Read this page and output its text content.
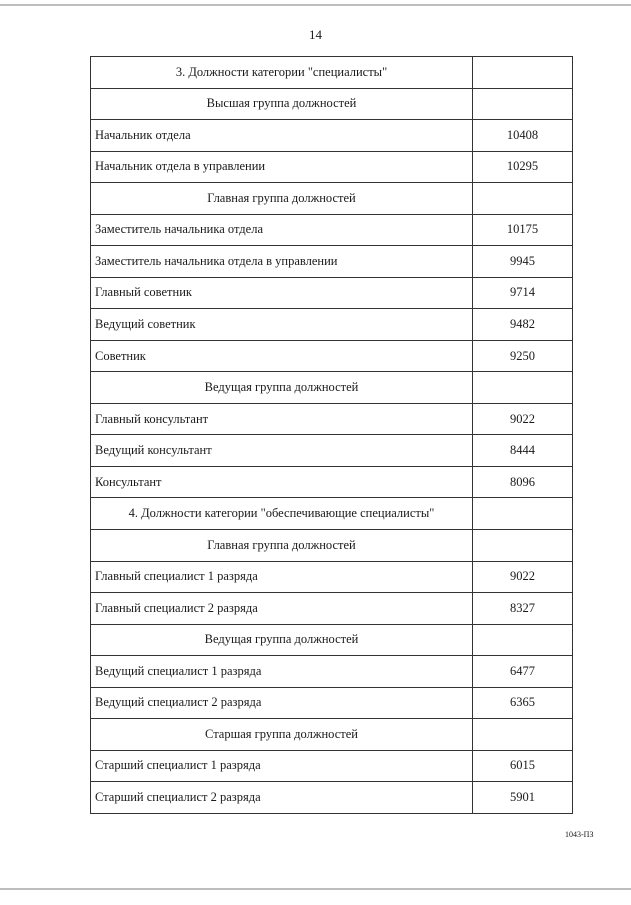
14
3. Должности категории "специалисты"	
Высшая группа должностей	
Начальник отдела	10408
Начальник отдела в управлении	10295
Главная группа должностей	
Заместитель начальника отдела	10175
Заместитель начальника отдела в управлении	9945
Главный советник	9714
Ведущий советник	9482
Советник	9250
Ведущая группа должностей	
Главный консультант	9022
Ведущий консультант	8444
Консультант	8096
4. Должности категории "обеспечивающие специалисты"	
Главная группа должностей	
Главный специалист 1 разряда	9022
Главный специалист 2 разряда	8327
Ведущая группа должностей	
Ведущий специалист 1 разряда	6477
Ведущий специалист 2 разряда	6365
Старшая группа должностей	
Старший специалист 1 разряда	6015
Старший специалист 2 разряда	5901
1043-ПЗ
